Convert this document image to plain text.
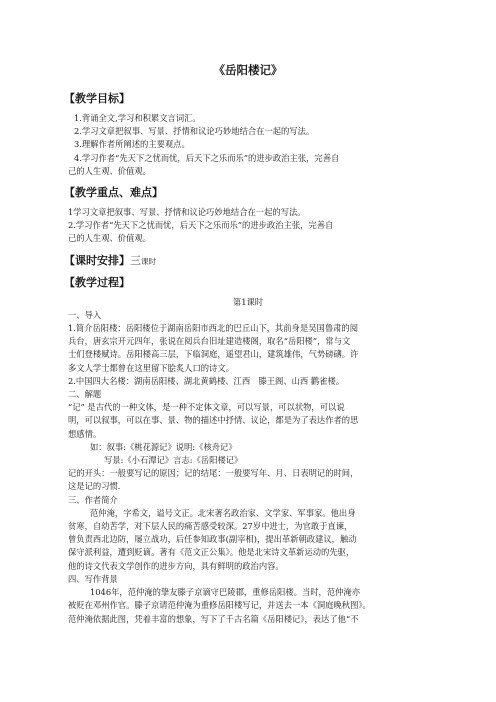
《岳阳楼记》
【教学目标】
1.背诵全文,学习和积累文言词汇。
2.学习文章把叙事、写景、抒情和议论巧妙地结合在一起的写法。
3.理解作者所阐述的主要观点。
4.学习作者“先天下之忧而忧，后天下之乐而乐”的进步政治主张，完善自
己的人生观、价值观。
【教学重点、难点】
1学习文章把叙事、写景、抒情和议论巧妙地结合在一起的写法。
2.学习作者“先天下之忧而忧，后天下之乐而乐”的进步政治主张，完善自
己的人生观、价值观。
【课时安排】三课时
【教学过程】
第1课时
一、导入
1.简介岳阳楼：岳阳楼位于湖南岳阳市西北的巴丘山下，其前身是吴国鲁肃的阅
兵台，唐玄宗开元四年，张说在阅兵台旧址建造楼阁，取名“岳阳楼”，常与文
士们登楼赋诗。岳阳楼高三层，下临洞庭，遥望君山，建筑雄伟，气势磅礴。许
多文人学士都曾在这里留下脍炙人口的诗文。
2.中国四大名楼：湖南岳阳楼、湖北黄鹤楼、江西　滕王阁、山西 鹳雀楼。
二、解题
“记” 是古代的一种文体，是一种不定体文章，可以写景，可以状物，可以说
明，可以叙事，可以在事、景、物的描述中抒情、议论，都是为了表达作者的思
想感情。
如：叙事:《桃花源记》说明:《核舟记》
写景:《小石潭记》言志:《岳阳楼记》
记的开头：一般要写记的原因；记的结尾：一般要写年、月、日表明记的时间，
这是记的习惯.
三、作者简介
范仲淹，字希文，谥号文正。北宋著名政治家、文学家、军事家。他出身
贫寒，自幼苦学，对下层人民的痛苦感受较深。27岁中进士，为官敢于直谏，
曾负责西北边防，屡立战功，后任参知政事(副宰相)，提出革新朝政建议，触动
保守派利益，遭到贬谪。著有《范文正公集》。他是北宋诗文革新运动的先驱，
他的诗文代表文学创作的进步方向，具有鲜明的政治内容。
四、写作背景
1046年，范仲淹的挚友滕子京谪守巴陵郡，重修岳阳楼。当时，范仲淹亦
被贬在邓州作官。滕子京请范仲淹为重修岳阳楼写记，并送去一本《洞庭晚秋图》。
范仲淹依据此图，凭着丰富的想象，写下了千古名篇《岳阳楼记》，表达了他“不
